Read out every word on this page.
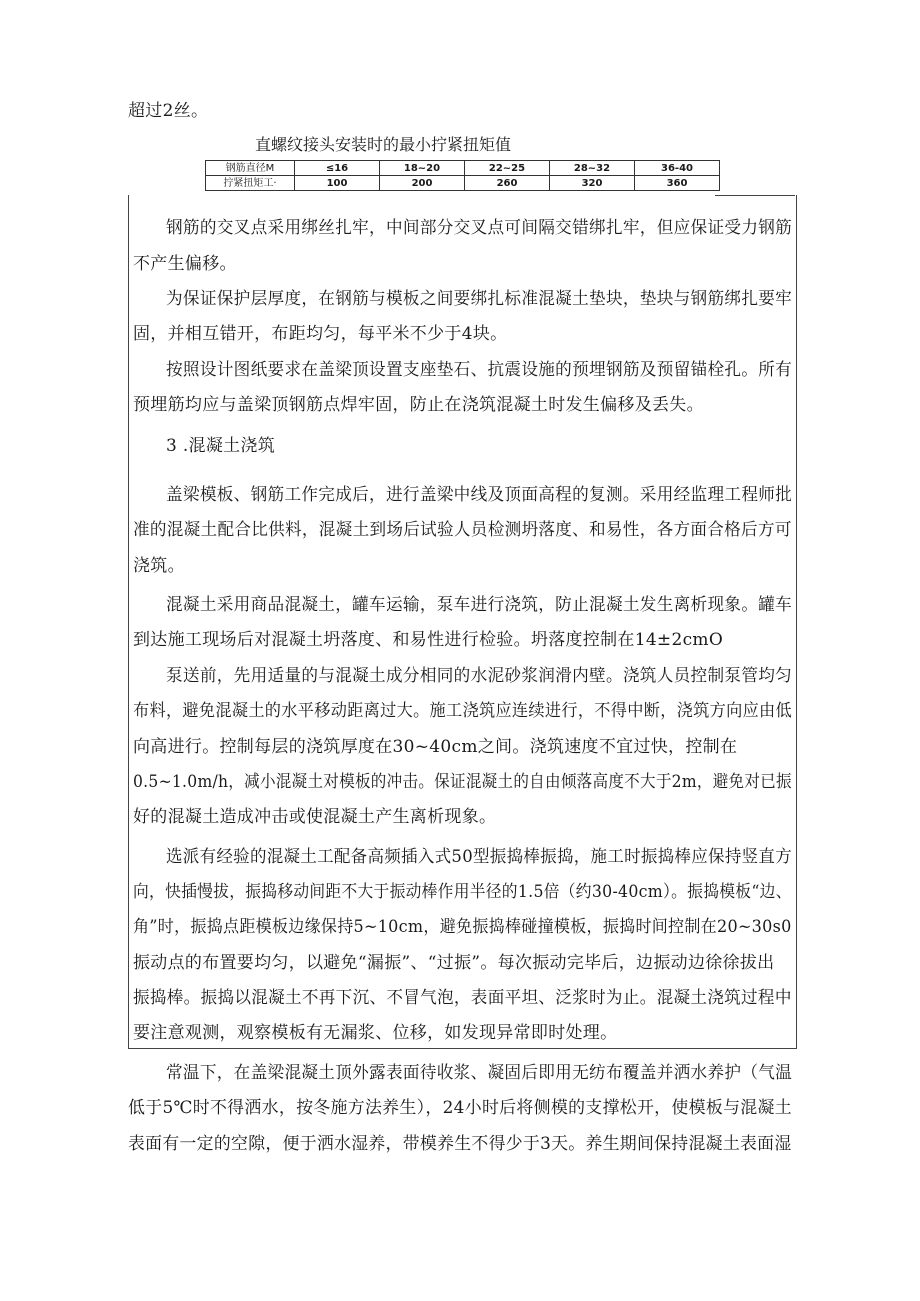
超过2丝。
直螺纹接头安装时的最小拧紧扭矩值
钢筋直径M	≤16	18~20	22~25	28~32	36-40
拧紧扭矩工·	100	200	260	320	360
钢筋的交叉点采用绑丝扎牢，中间部分交叉点可间隔交错绑扎牢，但应保证受力钢筋
不产生偏移。
为保证保护层厚度，在钢筋与模板之间要绑扎标准混凝土垫块，垫块与钢筋绑扎要牢
固，并相互错开，布距均匀，每平米不少于4块。
按照设计图纸要求在盖梁顶设置支座垫石、抗震设施的预埋钢筋及预留锚栓孔。所有
预埋筋均应与盖梁顶钢筋点焊牢固，防止在浇筑混凝土时发生偏移及丢失。
3 .混凝土浇筑
盖梁模板、钢筋工作完成后，进行盖梁中线及顶面高程的复测。采用经监理工程师批
准的混凝土配合比供料，混凝土到场后试验人员检测坍落度、和易性，各方面合格后方可
浇筑。
混凝土采用商品混凝土，罐车运输，泵车进行浇筑，防止混凝土发生离析现象。罐车
到达施工现场后对混凝土坍落度、和易性进行检验。坍落度控制在14±2cmO
泵送前，先用适量的与混凝土成分相同的水泥砂浆润滑内壁。浇筑人员控制泵管均匀
布料，避免混凝土的水平移动距离过大。施工浇筑应连续进行，不得中断，浇筑方向应由低
向高进行。控制每层的浇筑厚度在30~40cm之间。浇筑速度不宜过快，控制在
0.5~1.0m/h，减小混凝土对模板的冲击。保证混凝土的自由倾落高度不大于2m，避免对已振
好的混凝土造成冲击或使混凝土产生离析现象。
选派有经验的混凝土工配备高频插入式50型振捣棒振捣，施工时振捣棒应保持竖直方
向，快插慢拔，振捣移动间距不大于振动棒作用半径的1.5倍（约30-40cm）。振捣模板“边、
角”时，振捣点距模板边缘保持5~10cm，避免振捣棒碰撞模板，振捣时间控制在20~30s0
振动点的布置要均匀，以避免“漏振”、“过振”。每次振动完毕后，边振动边徐徐拔出
振捣棒。振捣以混凝土不再下沉、不冒气泡，表面平坦、泛浆时为止。混凝土浇筑过程中
要注意观测，观察模板有无漏浆、位移，如发现异常即时处理。
常温下，在盖梁混凝土顶外露表面待收浆、凝固后即用无纺布覆盖并洒水养护（气温
低于5℃时不得洒水，按冬施方法养生），24小时后将侧模的支撑松开，使模板与混凝土
表面有一定的空隙，便于洒水湿养，带模养生不得少于3天。养生期间保持混凝土表面湿
